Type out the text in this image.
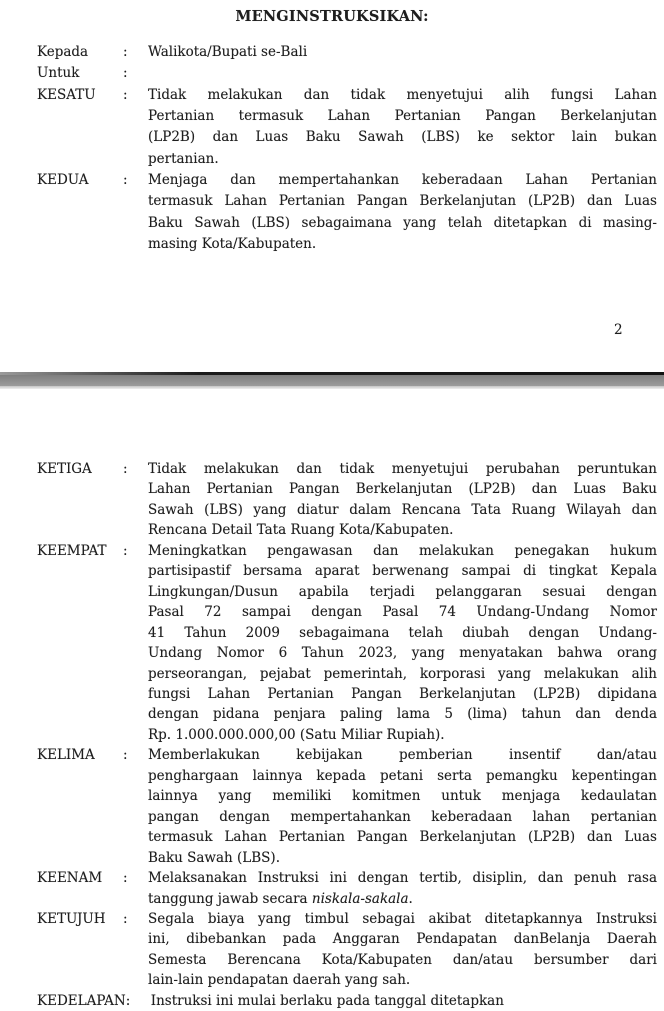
MENGINSTRUKSIKAN:
Kepada	:	Walikota/Bupati se-Bali
Untuk	:

KESATU	:	Tidak melakukan dan tidak menyetujui alih fungsi Lahan
Pertanian termasuk Lahan Pertanian Pangan Berkelanjutan
(LP2B) dan Luas Baku Sawah (LBS) ke sektor lain bukan
pertanian.
KEDUA	:	Menjaga dan mempertahankan keberadaan Lahan Pertanian
termasuk Lahan Pertanian Pangan Berkelanjutan (LP2B) dan Luas
Baku Sawah (LBS) sebagaimana yang telah ditetapkan di masing-
masing Kota/Kabupaten.
2
KETIGA	:	Tidak melakukan dan tidak menyetujui perubahan peruntukan
Lahan Pertanian Pangan Berkelanjutan (LP2B) dan Luas Baku
Sawah (LBS) yang diatur dalam Rencana Tata Ruang Wilayah dan
Rencana Detail Tata Ruang Kota/Kabupaten.
KEEMPAT	:	Meningkatkan pengawasan dan melakukan penegakan hukum
partisipastif bersama aparat berwenang sampai di tingkat Kepala
Lingkungan/Dusun apabila terjadi pelanggaran sesuai dengan
Pasal 72 sampai dengan Pasal 74 Undang-Undang Nomor
41 Tahun 2009 sebagaimana telah diubah dengan Undang-
Undang Nomor 6 Tahun 2023, yang menyatakan bahwa orang
perseorangan, pejabat pemerintah, korporasi yang melakukan alih
fungsi Lahan Pertanian Pangan Berkelanjutan (LP2B) dipidana
dengan pidana penjara paling lama 5 (lima) tahun dan denda
Rp. 1.000.000.000,00 (Satu Miliar Rupiah).
KELIMA	:	Memberlakukan kebijakan pemberian insentif dan/atau
penghargaan lainnya kepada petani serta pemangku kepentingan
lainnya yang memiliki komitmen untuk menjaga kedaulatan
pangan dengan mempertahankan keberadaan lahan pertanian
termasuk Lahan Pertanian Pangan Berkelanjutan (LP2B) dan Luas
Baku Sawah (LBS).
KEENAM	:	Melaksanakan Instruksi ini dengan tertib, disiplin, dan penuh rasa
tanggung jawab secara niskala-sakala.
KETUJUH	:	Segala biaya yang timbul sebagai akibat ditetapkannya Instruksi
ini, dibebankan pada Anggaran Pendapatan danBelanja Daerah
Semesta Berencana Kota/Kabupaten dan/atau bersumber dari
lain-lain pendapatan daerah yang sah.
KEDELAPAN :	Instruksi ini mulai berlaku pada tanggal ditetapkan
